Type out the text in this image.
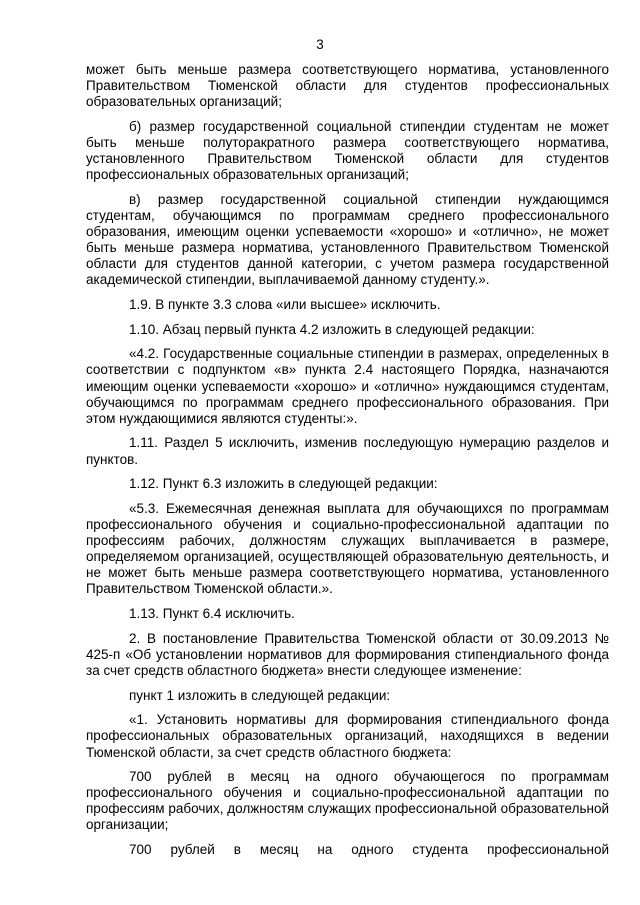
3

может быть меньше размера соответствующего норматива, установленного Правительством Тюменской области для студентов профессиональных образовательных организаций;

б) размер государственной социальной стипендии студентам не может быть меньше полуторакратного размера соответствующего норматива, установленного Правительством Тюменской области для студентов профессиональных образовательных организаций;

в) размер государственной социальной стипендии нуждающимся студентам, обучающимся по программам среднего профессионального образования, имеющим оценки успеваемости «хорошо» и «отлично», не может быть меньше размера норматива, установленного Правительством Тюменской области для студентов данной категории, с учетом размера государственной академической стипендии, выплачиваемой данному студенту.».

1.9. В пункте 3.3 слова «или высшее» исключить.

1.10. Абзац первый пункта 4.2 изложить в следующей редакции:

«4.2. Государственные социальные стипендии в размерах, определенных в соответствии с подпунктом «в» пункта 2.4 настоящего Порядка, назначаются имеющим оценки успеваемости «хорошо» и «отлично» нуждающимся студентам, обучающимся по программам среднего профессионального образования. При этом нуждающимися являются студенты:».

1.11. Раздел 5 исключить, изменив последующую нумерацию разделов и пунктов.

1.12. Пункт 6.3 изложить в следующей редакции:

«5.3. Ежемесячная денежная выплата для обучающихся по программам профессионального обучения и социально-профессиональной адаптации по профессиям рабочих, должностям служащих выплачивается в размере, определяемом организацией, осуществляющей образовательную деятельность, и не может быть меньше размера соответствующего норматива, установленного Правительством Тюменской области.».

1.13. Пункт 6.4 исключить.

2. В постановление Правительства Тюменской области от 30.09.2013 № 425-п «Об установлении нормативов для формирования стипендиального фонда за счет средств областного бюджета» внести следующее изменение:

пункт 1 изложить в следующей редакции:

«1. Установить нормативы для формирования стипендиального фонда профессиональных образовательных организаций, находящихся в ведении Тюменской области, за счет средств областного бюджета:

700 рублей в месяц на одного обучающегося по программам профессионального обучения и социально-профессиональной адаптации по профессиям рабочих, должностям служащих профессиональной образовательной организации;

700 рублей в месяц на одного студента профессиональной
